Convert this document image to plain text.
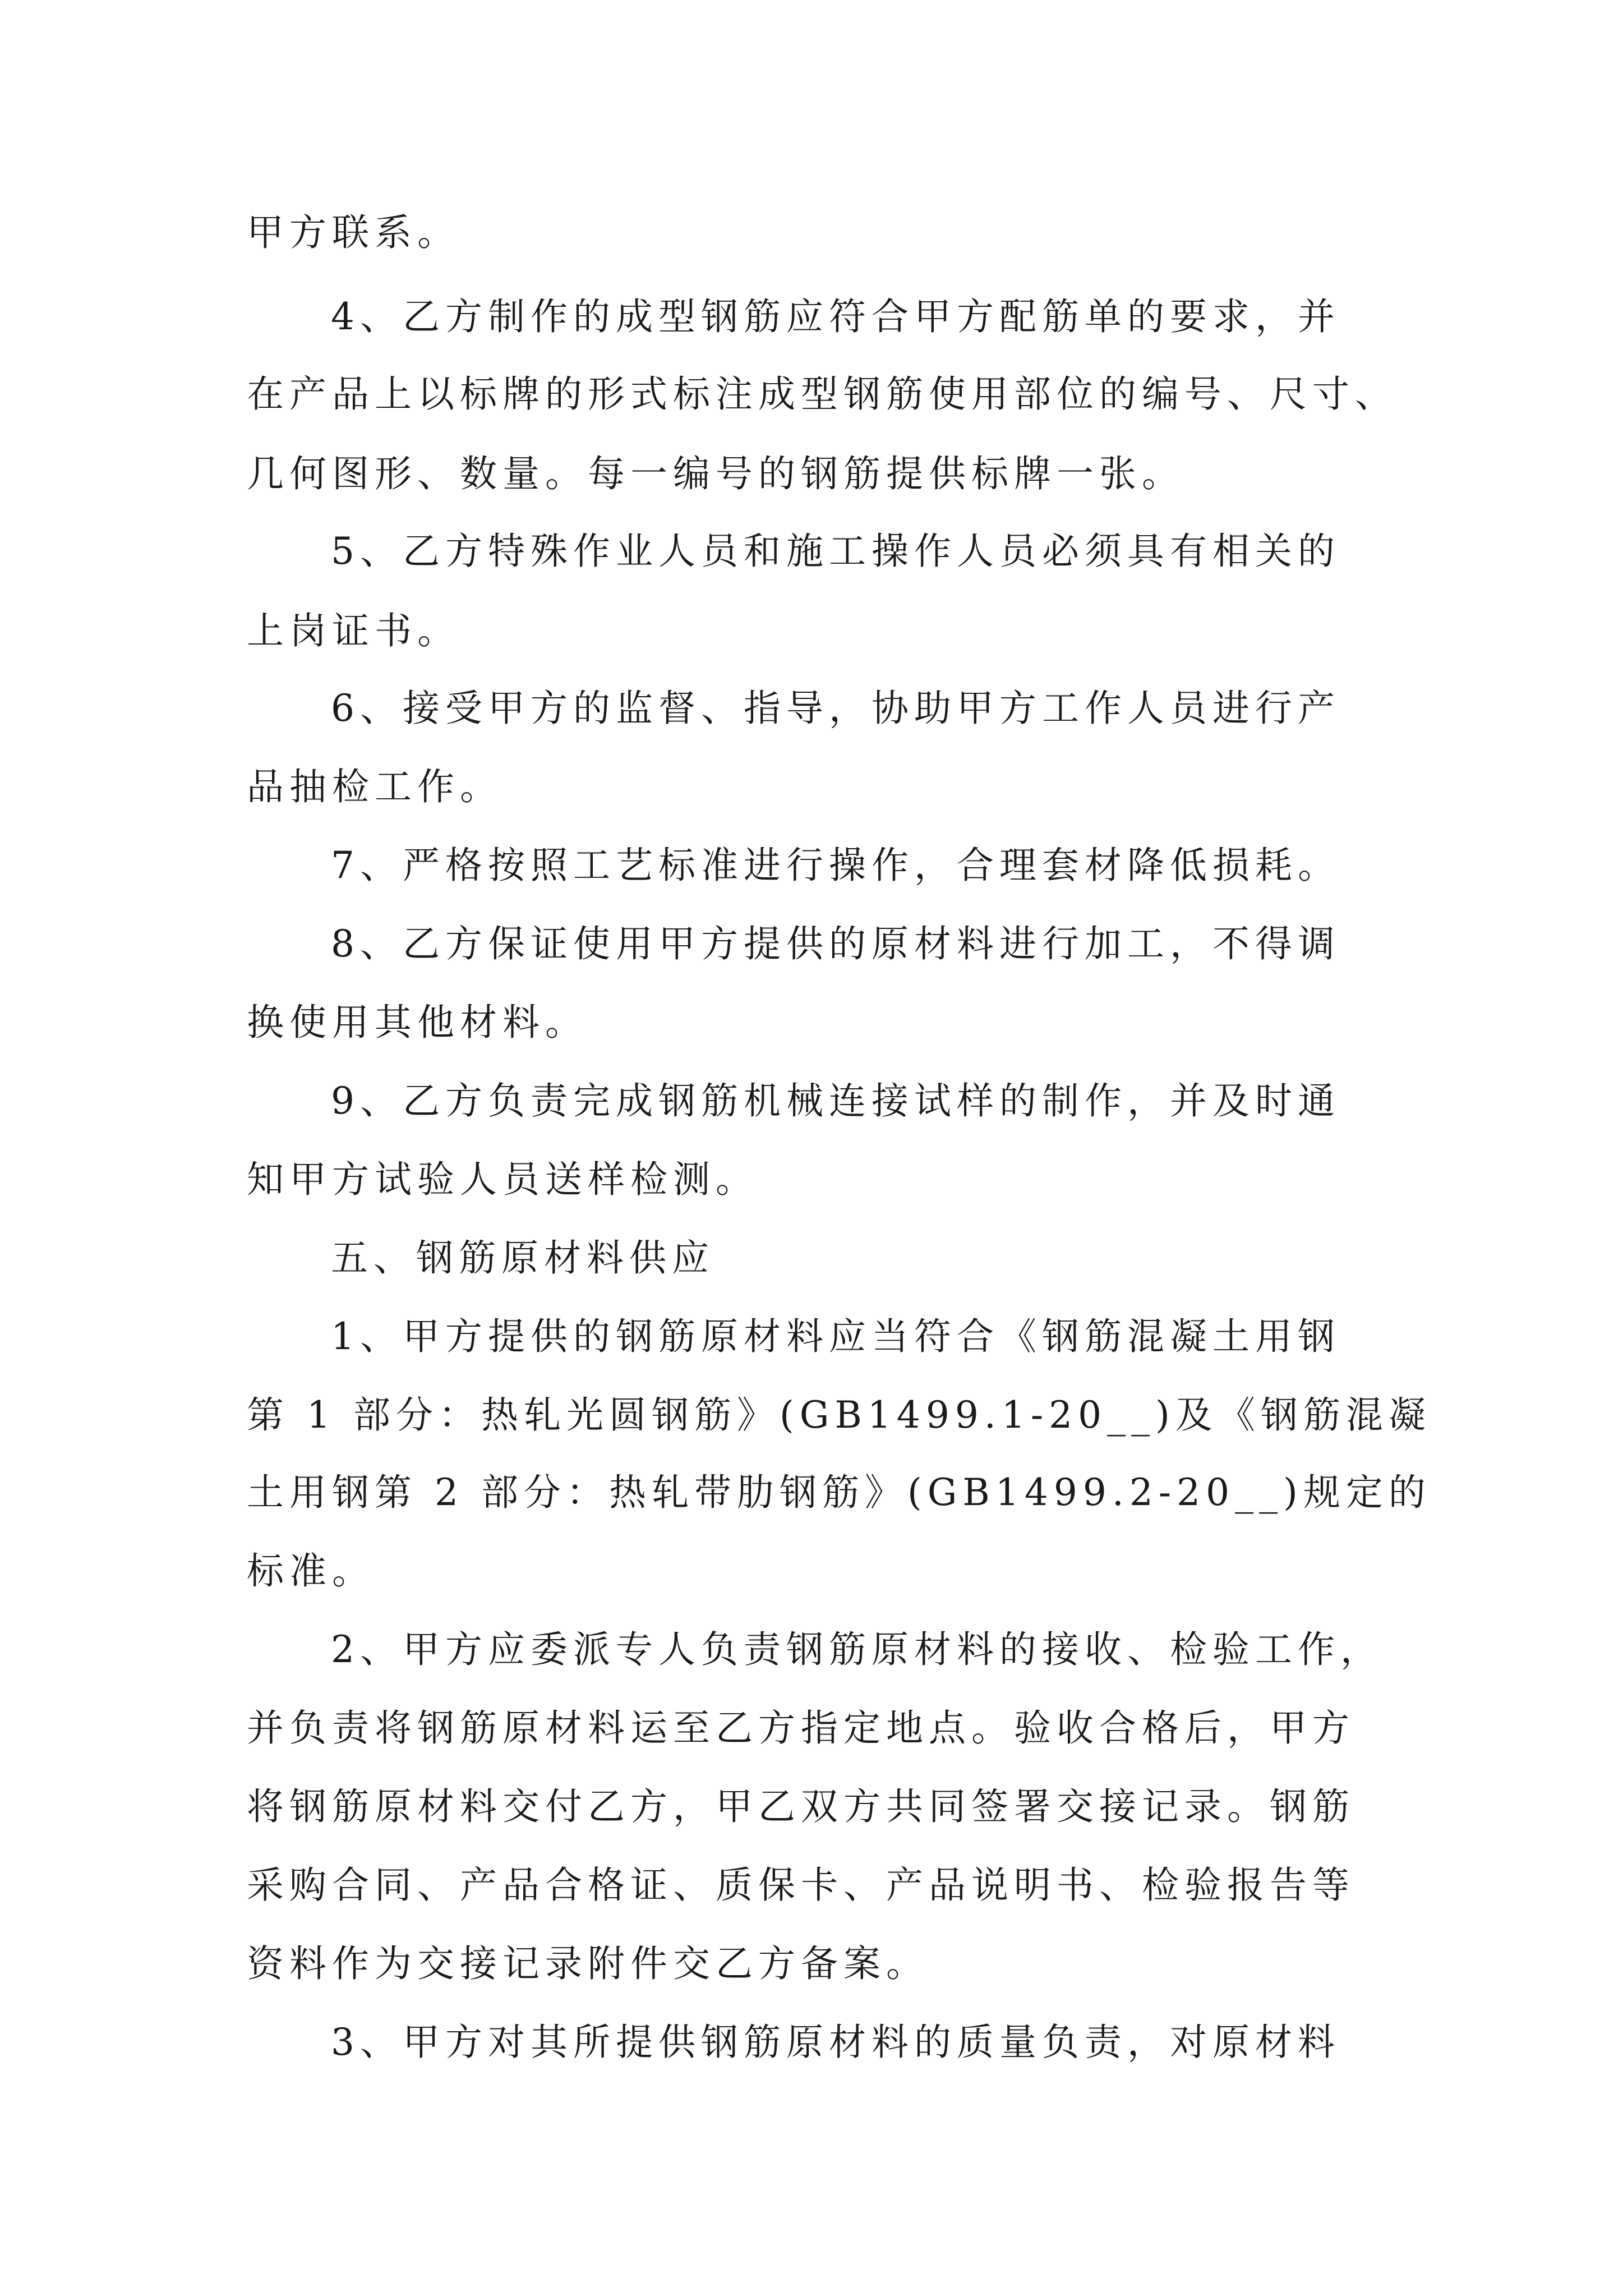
甲方联系。
4、乙方制作的成型钢筋应符合甲方配筋单的要求，并
在产品上以标牌的形式标注成型钢筋使用部位的编号、尺寸、
几何图形、数量。每一编号的钢筋提供标牌一张。
5、乙方特殊作业人员和施工操作人员必须具有相关的
上岗证书。
6、接受甲方的监督、指导，协助甲方工作人员进行产
品抽检工作。
7、严格按照工艺标准进行操作，合理套材降低损耗。
8、乙方保证使用甲方提供的原材料进行加工，不得调
换使用其他材料。
9、乙方负责完成钢筋机械连接试样的制作，并及时通
知甲方试验人员送样检测。
五、钢筋原材料供应
1、甲方提供的钢筋原材料应当符合《钢筋混凝土用钢
第 1 部分：热轧光圆钢筋》(GB1499.1-20__)及《钢筋混凝
土用钢第 2 部分：热轧带肋钢筋》(GB1499.2-20__)规定的
标准。
2、甲方应委派专人负责钢筋原材料的接收、检验工作，
并负责将钢筋原材料运至乙方指定地点。验收合格后，甲方
将钢筋原材料交付乙方，甲乙双方共同签署交接记录。钢筋
采购合同、产品合格证、质保卡、产品说明书、检验报告等
资料作为交接记录附件交乙方备案。
3、甲方对其所提供钢筋原材料的质量负责，对原材料
